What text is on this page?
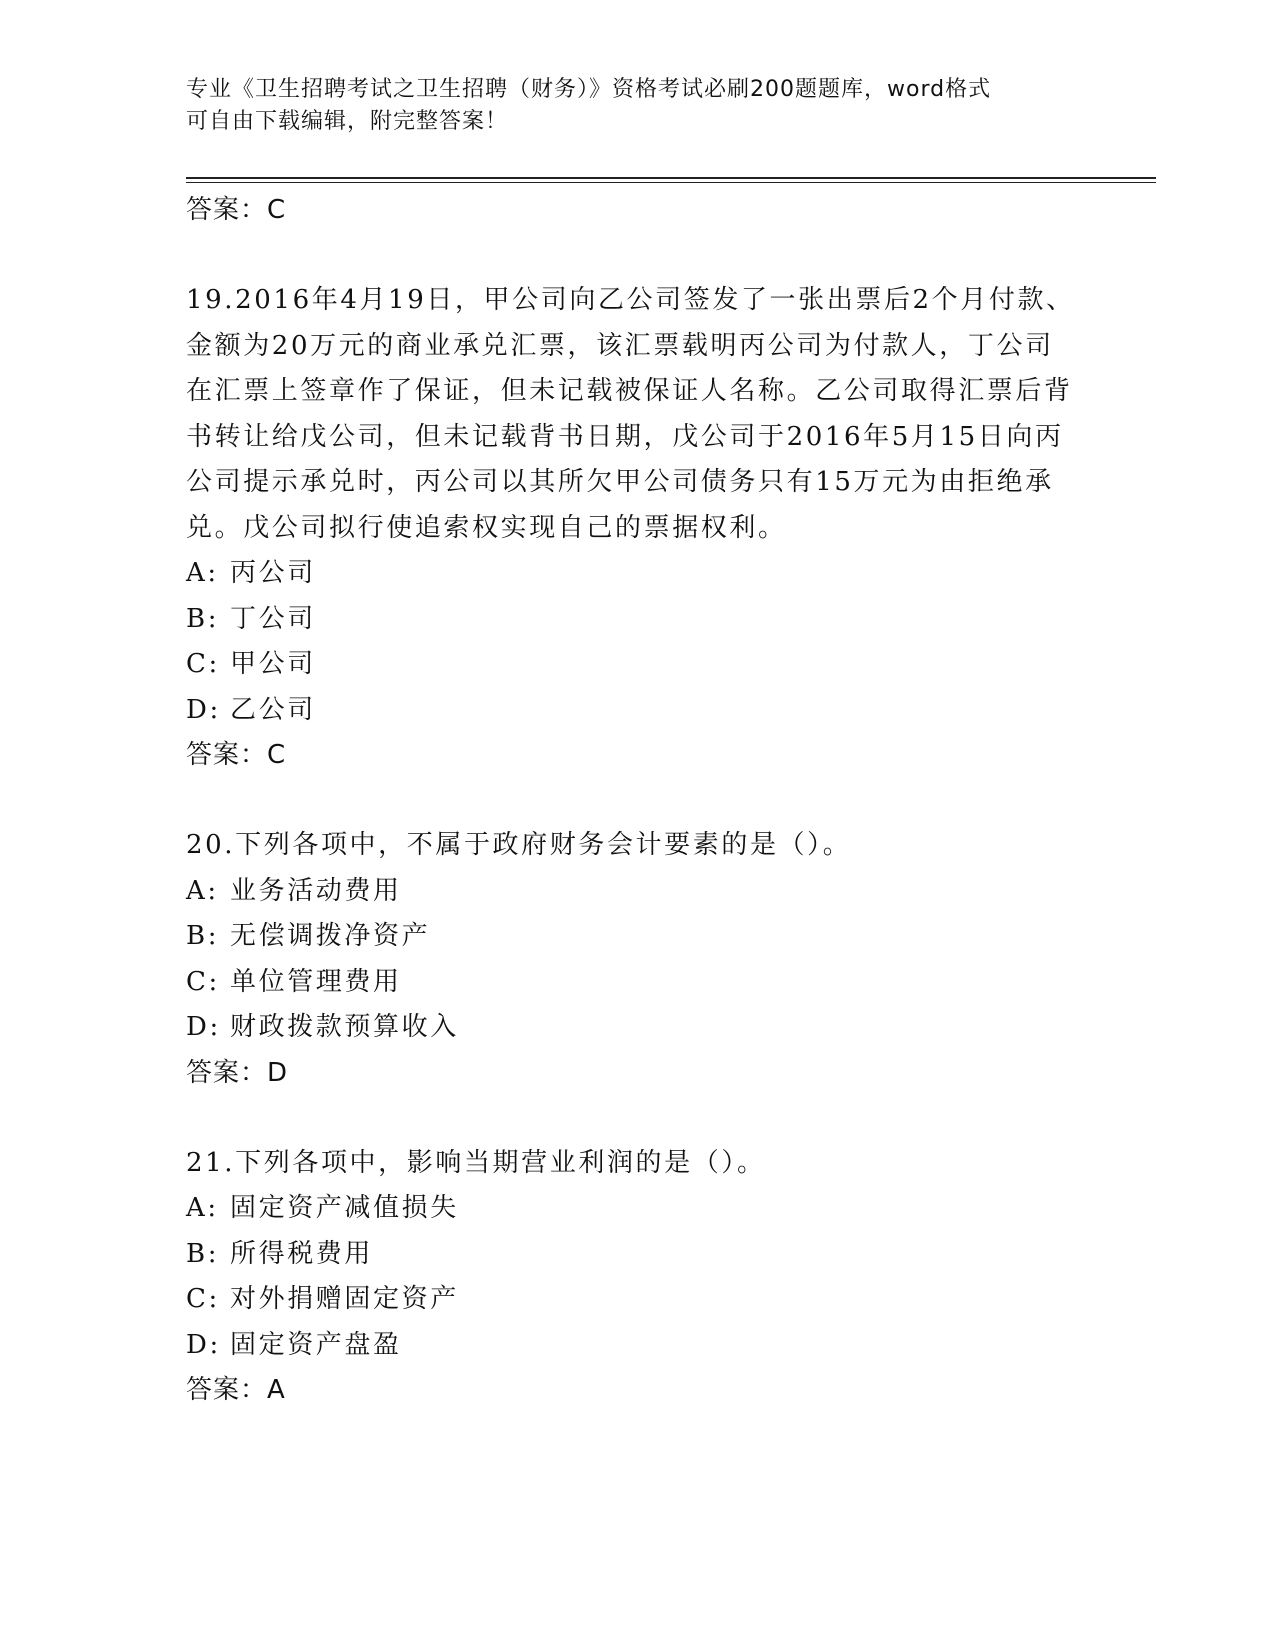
专业《卫生招聘考试之卫生招聘（财务）》资格考试必刷200题题库，word格式
可自由下载编辑，附完整答案！

答案：C

19.2016年4月19日，甲公司向乙公司签发了一张出票后2个月付款、金额为20万元的商业承兑汇票，该汇票载明丙公司为付款人，丁公司在汇票上签章作了保证，但未记载被保证人名称。乙公司取得汇票后背书转让给戊公司，但未记载背书日期，戊公司于2016年5月15日向丙公司提示承兑时，丙公司以其所欠甲公司债务只有15万元为由拒绝承兑。戊公司拟行使追索权实现自己的票据权利。

A: 丙公司

B: 丁公司

C: 甲公司

D: 乙公司

答案：C

20.下列各项中，不属于政府财务会计要素的是（）。

A: 业务活动费用

B: 无偿调拨净资产

C: 单位管理费用

D: 财政拨款预算收入

答案：D

21.下列各项中，影响当期营业利润的是（）。

A: 固定资产减值损失

B: 所得税费用

C: 对外捐赠固定资产

D: 固定资产盘盈

答案：A
